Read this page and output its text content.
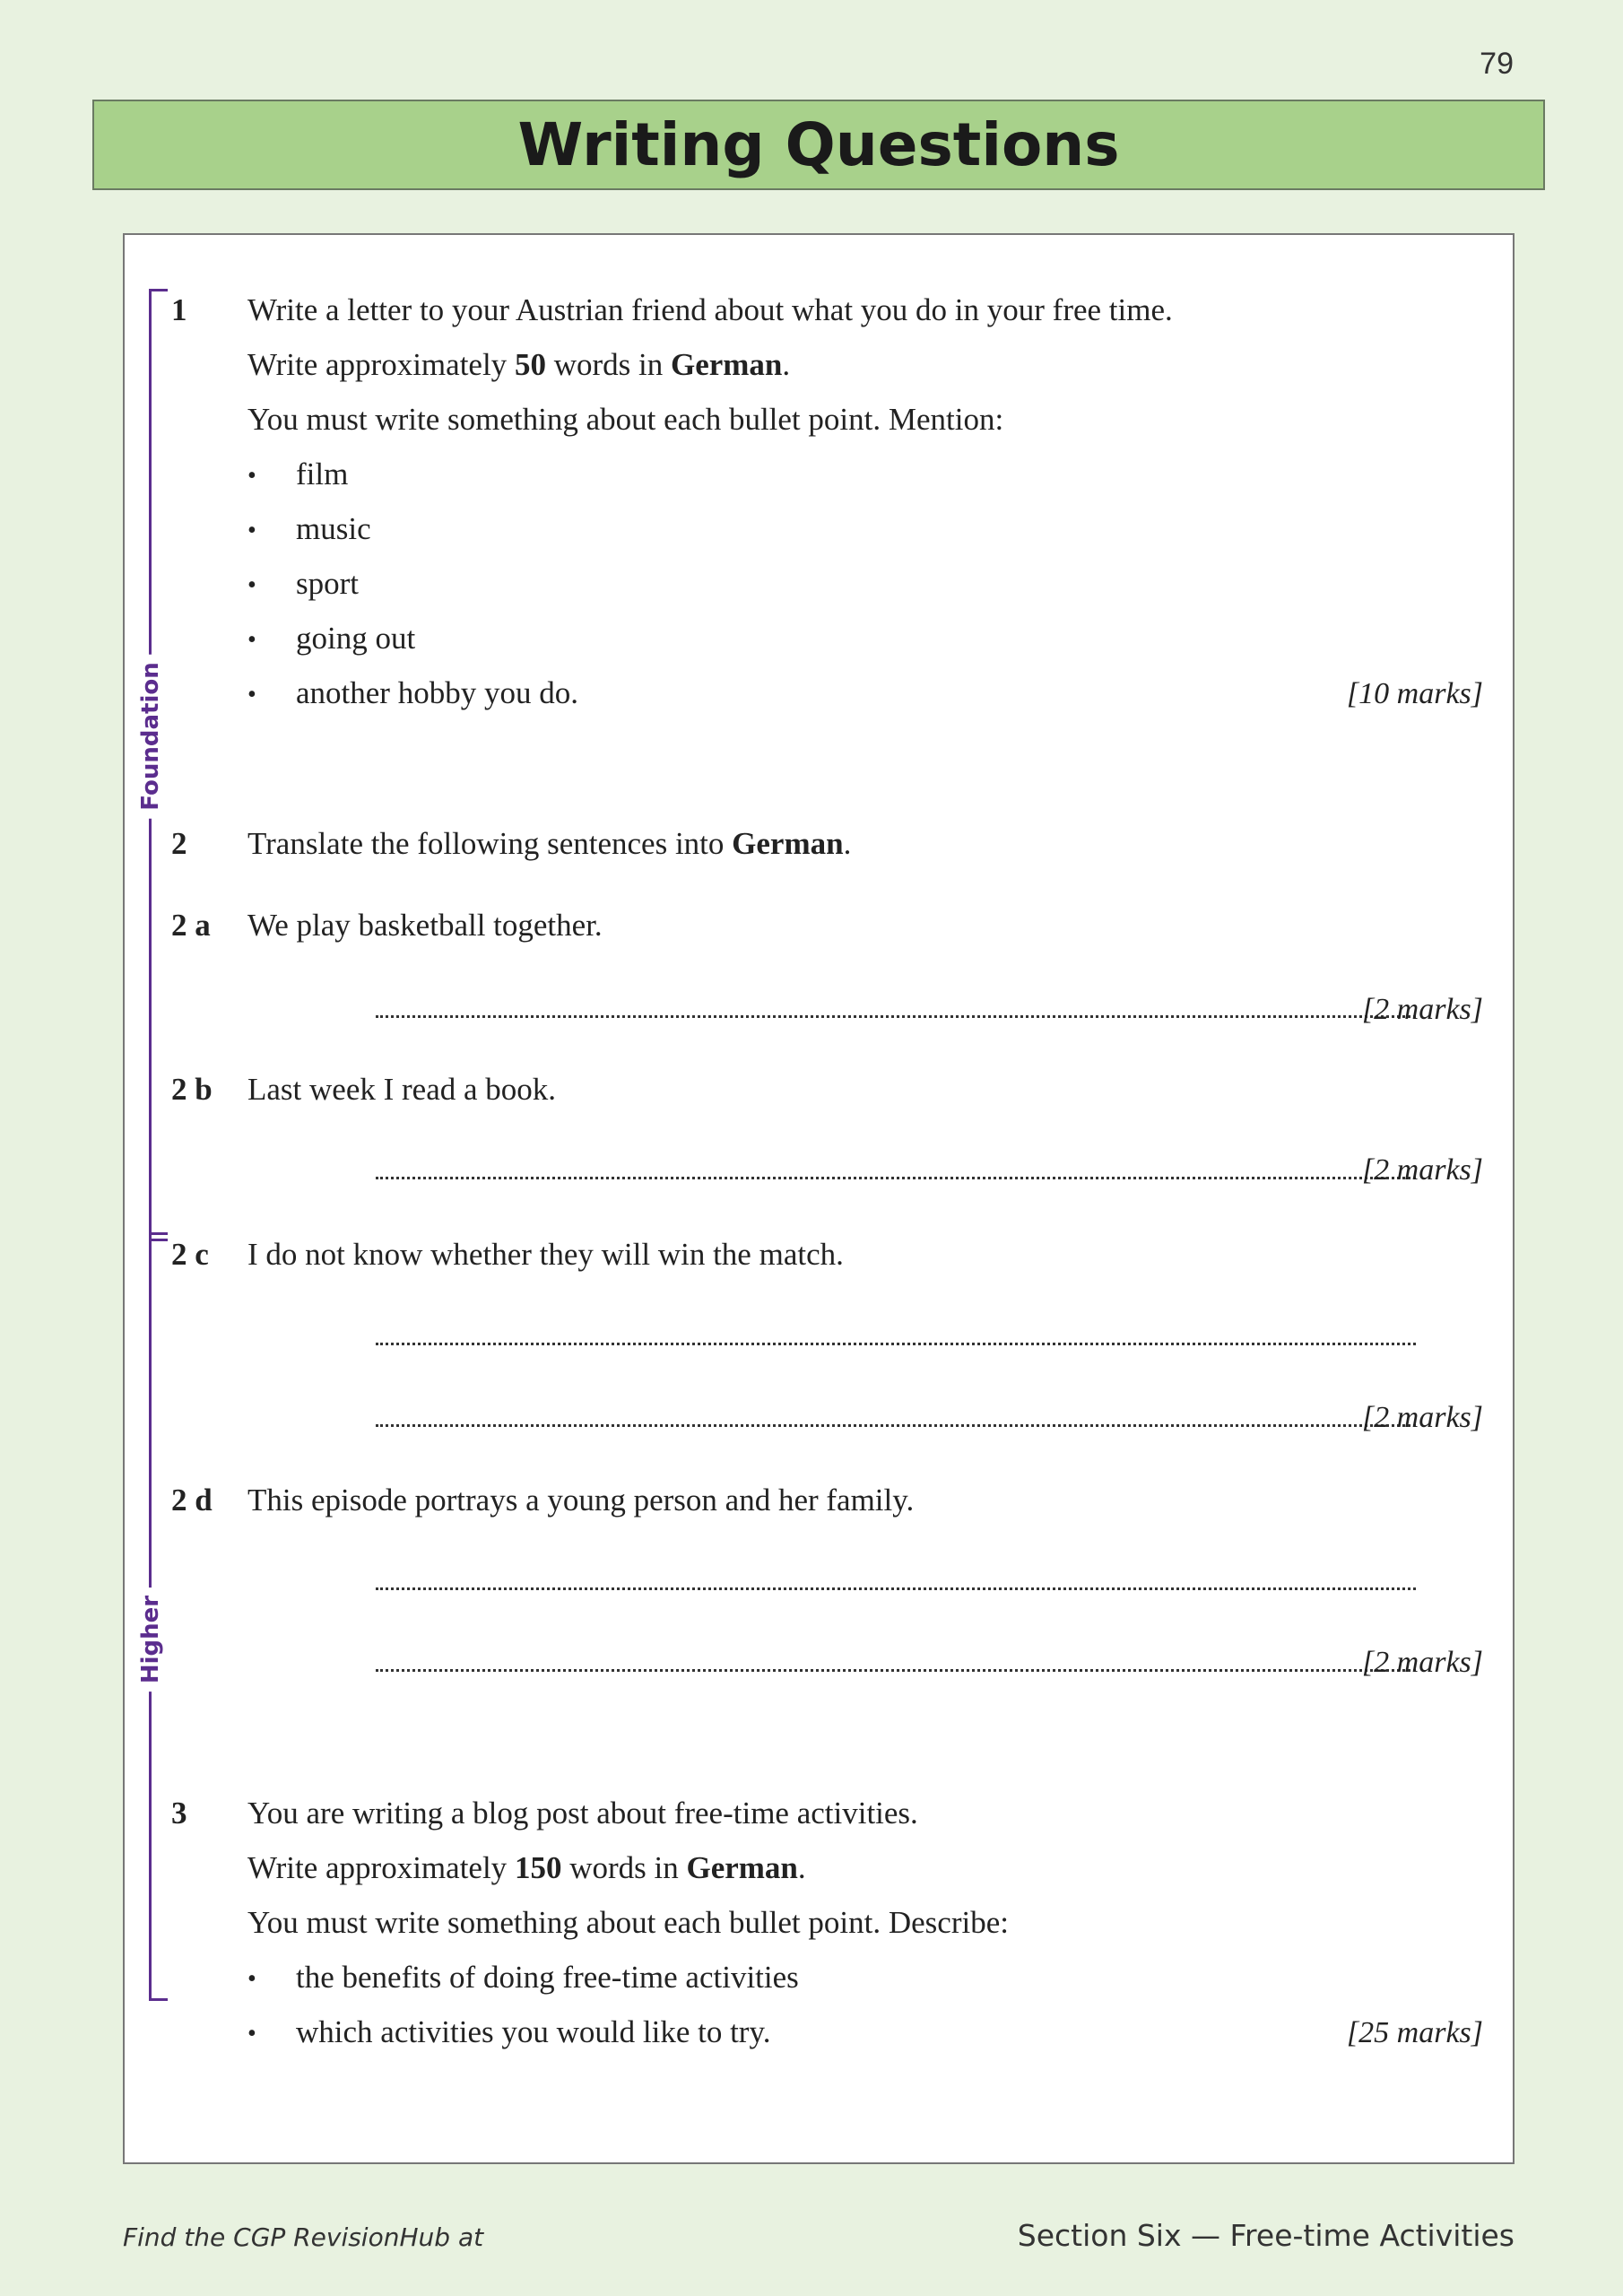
79
Writing Questions
Foundation
Higher
1 Write a letter to your Austrian friend about what you do in your free time.
Write approximately 50 words in German.
You must write something about each bullet point. Mention:
• film
• music
• sport
• going out
• another hobby you do.	[10 marks]
2 Translate the following sentences into German.
2 a We play basketball together.
[2 marks]
2 b Last week I read a book.
[2 marks]
2 c I do not know whether they will win the match.
[2 marks]
2 d This episode portrays a young person and her family.
[2 marks]
3 You are writing a blog post about free-time activities.
Write approximately 150 words in German.
You must write something about each bullet point. Describe:
• the benefits of doing free-time activities
• which activities you would like to try.	[25 marks]
Find the CGP RevisionHub at	Section Six — Free-time Activities
